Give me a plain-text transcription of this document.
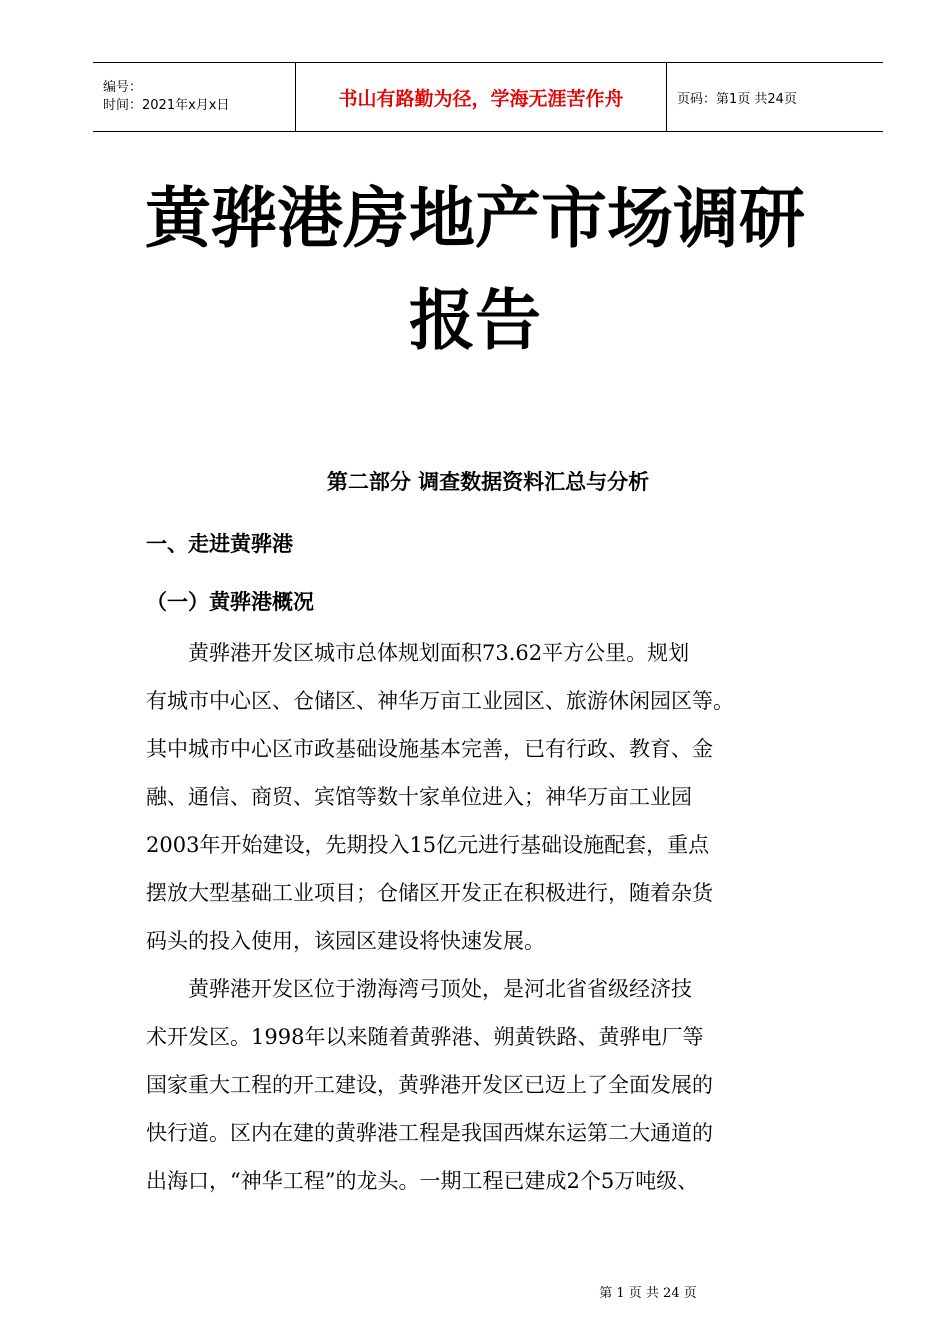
编号：
时间：2021年x月x日	书山有路勤为径，学海无涯苦作舟	页码：第1页 共24页
黄骅港房地产市场调研
报告
第二部分 调查数据资料汇总与分析
一、走进黄骅港
（一）黄骅港概况
　　黄骅港开发区城市总体规划面积73.62平方公里。规划
有城市中心区、仓储区、神华万亩工业园区、旅游休闲园区等。
其中城市中心区市政基础设施基本完善，已有行政、教育、金
融、通信、商贸、宾馆等数十家单位进入；神华万亩工业园
2003年开始建设，先期投入15亿元进行基础设施配套，重点
摆放大型基础工业项目；仓储区开发正在积极进行，随着杂货
码头的投入使用，该园区建设将快速发展。
　　黄骅港开发区位于渤海湾弓顶处，是河北省省级经济技
术开发区。1998年以来随着黄骅港、朔黄铁路、黄骅电厂等
国家重大工程的开工建设，黄骅港开发区已迈上了全面发展的
快行道。区内在建的黄骅港工程是我国西煤东运第二大通道的
出海口，“神华工程”的龙头。一期工程已建成2个5万吨级、
第 1 页 共 24 页
